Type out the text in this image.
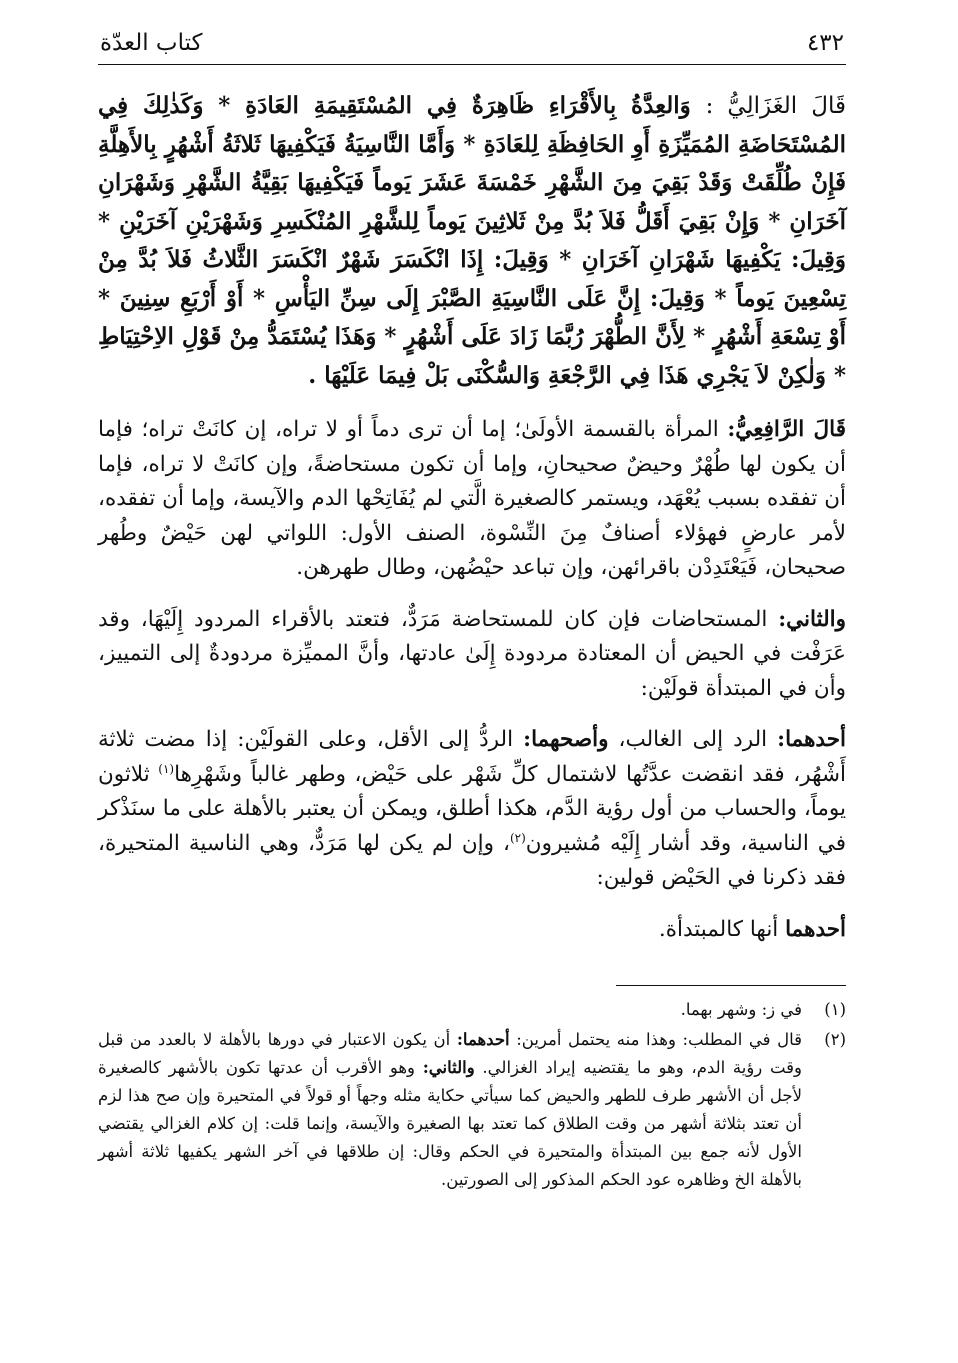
٤٣٢
كتاب العدّة
قَالَ الغَزَالِيُّ : وَالعِدَّةُ بِالأَقْرَاءِ ظَاهِرَةٌ فِي المُسْتَقِيمَةِ العَادَةِ * وَكَذٰلِكَ فِي المُسْتَحَاضَةِ المُمَيِّزَةِ أَوِ الحَافِظَةِ لِلعَادَةِ * وَأَمَّا النَّاسِيَةُ فَيَكْفِيهَا ثَلاثَةُ أَشْهُرٍ بِالأَهِلَّةِ فَإِنْ طُلِّقَتْ وَقَدْ بَقِيَ مِنَ الشَّهْرِ خَمْسَةَ عَشَرَ يَوماً فَيَكْفِيهَا بَقِيَّةُ الشَّهْرِ وَشَهْرَانِ آخَرَانِ * وَإِنْ بَقِيَ أَقَلُّ فَلاَ بُدَّ مِنْ ثَلاثِينَ يَوماً لِلشَّهْرِ المُنْكَسِرِ وَشَهْرَيْنِ آخَرَيْنِ * وَقِيلَ: يَكْفِيهَا شَهْرَانِ آخَرَانِ * وَقِيلَ: إِذَا انْكَسَرَ شَهْرٌ انْكَسَرَ الثَّلاثُ فَلاَ بُدَّ مِنْ تِسْعِينَ يَوماً * وَقِيلَ: إِنَّ عَلَى النَّاسِيَةِ الصَّبْرَ إِلَى سِنِّ اليَأْسِ * أَوْ أَرْبَعِ سِنِينَ * أَوْ تِسْعَةِ أَشْهُرٍ * لِأَنَّ الطُّهْرَ رُبَّمَا زَادَ عَلَى أَشْهُرٍ * وَهَذَا يُسْتَمَدُّ مِنْ قَوْلِ الاِحْتِيَاطِ * وَلٰكِنْ لاَ يَجْرِي هَذَا فِي الرَّجْعَةِ وَالسُّكْنَى بَلْ فِيمَا عَلَيْهَا .

قَالَ الرَّافِعِيُّ: المرأة بالقسمة الأولَىٰ؛ إما أن ترى دماً أو لا تراه، إن كانَتْ تراه؛ فإما أن يكون لها طُهْرٌ وحيضٌ صحيحانِ، وإما أن تكون مستحاضةً، وإن كانَتْ لا تراه، فإما أن تفقده بسبب يُعْهَد، ويستمر كالصغيرة الَّتي لم يُفَاتِحْها الدم والآيسة، وإما أن تفقده، لأمر عارضٍ فهؤلاء أصنافٌ مِنَ النِّسْوة، الصنف الأول: اللواتي لهن حَيْضٌ وطُهر صحيحان، فَيَعْتَدِدْن باقرائهن، وإن تباعد حيْضُهن، وطال طهرهن.

والثاني: المستحاضات فإن كان للمستحاضة مَرَدٌّ، فتعتد بالأقراء المردود إِلَيْهَا، وقد عَرَفْت في الحيض أن المعتادة مردودة إِلَىٰ عادتها، وأنَّ المميِّزة مردودةٌ إلى التمييز، وأن في المبتدأة قولَيْن:

أحدهما: الرد إلى الغالب، وأصحهما: الردُّ إلى الأقل، وعلى القولَيْن: إذا مضت ثلاثة أَشْهُر، فقد انقضت عدَّتُها لاشتمال كلِّ شَهْر على حَيْض، وطهر غالباً وشَهْرِها$^{(١)}$ ثلاثون يوماً، والحساب من أول رؤية الدَّم، هكذا أطلق، ويمكن أن يعتبر بالأهلة على ما سنَذْكر في الناسية، وقد أشار إِلَيْه مُشيرون$^{(٢)}$، وإن لم يكن لها مَرَدٌّ، وهي الناسية المتحيرة، فقد ذكرنا في الحَيْض قولين:

أحدهما أنها كالمبتدأة.

(١)
في ز: وشهر بهما.
(٢)
قال في المطلب: وهذا منه يحتمل أمرين: أحدهما: أن يكون الاعتبار في دورها بالأهلة لا بالعدد من قبل وقت رؤية الدم، وهو ما يقتضيه إيراد الغزالي. والثاني: وهو الأقرب أن عدتها تكون بالأشهر كالصغيرة لأجل أن الأشهر طرف للطهر والحيض كما سيأتي حكاية مثله وجهاً أو قولاً في المتحيرة وإن صح هذا لزم أن تعتد بثلاثة أشهر من وقت الطلاق كما تعتد بها الصغيرة والآيسة، وإنما قلت: إن كلام الغزالي يقتضي الأول لأنه جمع بين المبتدأة والمتحيرة في الحكم وقال: إن طلاقها في آخر الشهر يكفيها ثلاثة أشهر بالأهلة الخ وظاهره عود الحكم المذكور إلى الصورتين.
